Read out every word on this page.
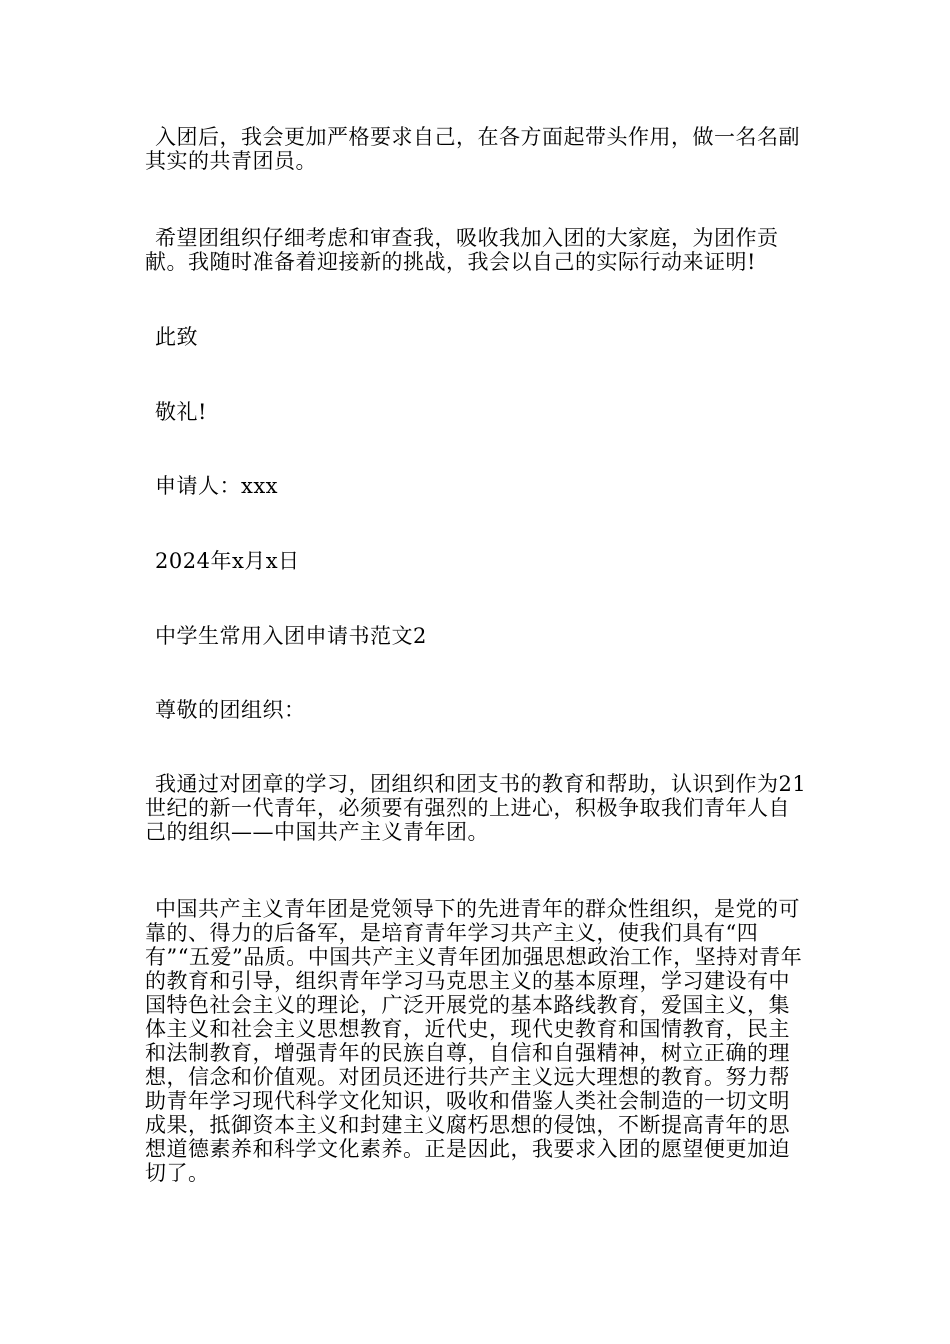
入团后，我会更加严格要求自己，在各方面起带头作用，做一名名副其实的共青团员。

希望团组织仔细考虑和审查我，吸收我加入团的大家庭，为团作贡献。我随时准备着迎接新的挑战，我会以自己的实际行动来证明!

此致

敬礼!

申请人：xxx

2024年x月x日

中学生常用入团申请书范文2

尊敬的团组织：

我通过对团章的学习，团组织和团支书的教育和帮助，认识到作为21世纪的新一代青年，必须要有强烈的上进心，积极争取我们青年人自己的组织——中国共产主义青年团。

中国共产主义青年团是党领导下的先进青年的群众性组织，是党的可靠的、得力的后备军，是培育青年学习共产主义，使我们具有“四有”“五爱”品质。中国共产主义青年团加强思想政治工作，坚持对青年的教育和引导，组织青年学习马克思主义的基本原理，学习建设有中国特色社会主义的理论，广泛开展党的基本路线教育，爱国主义，集体主义和社会主义思想教育，近代史，现代史教育和国情教育，民主和法制教育，增强青年的民族自尊，自信和自强精神，树立正确的理想，信念和价值观。对团员还进行共产主义远大理想的教育。努力帮助青年学习现代科学文化知识，吸收和借鉴人类社会制造的一切文明成果，抵御资本主义和封建主义腐朽思想的侵蚀，不断提高青年的思想道德素养和科学文化素养。正是因此，我要求入团的愿望便更加迫切了。
